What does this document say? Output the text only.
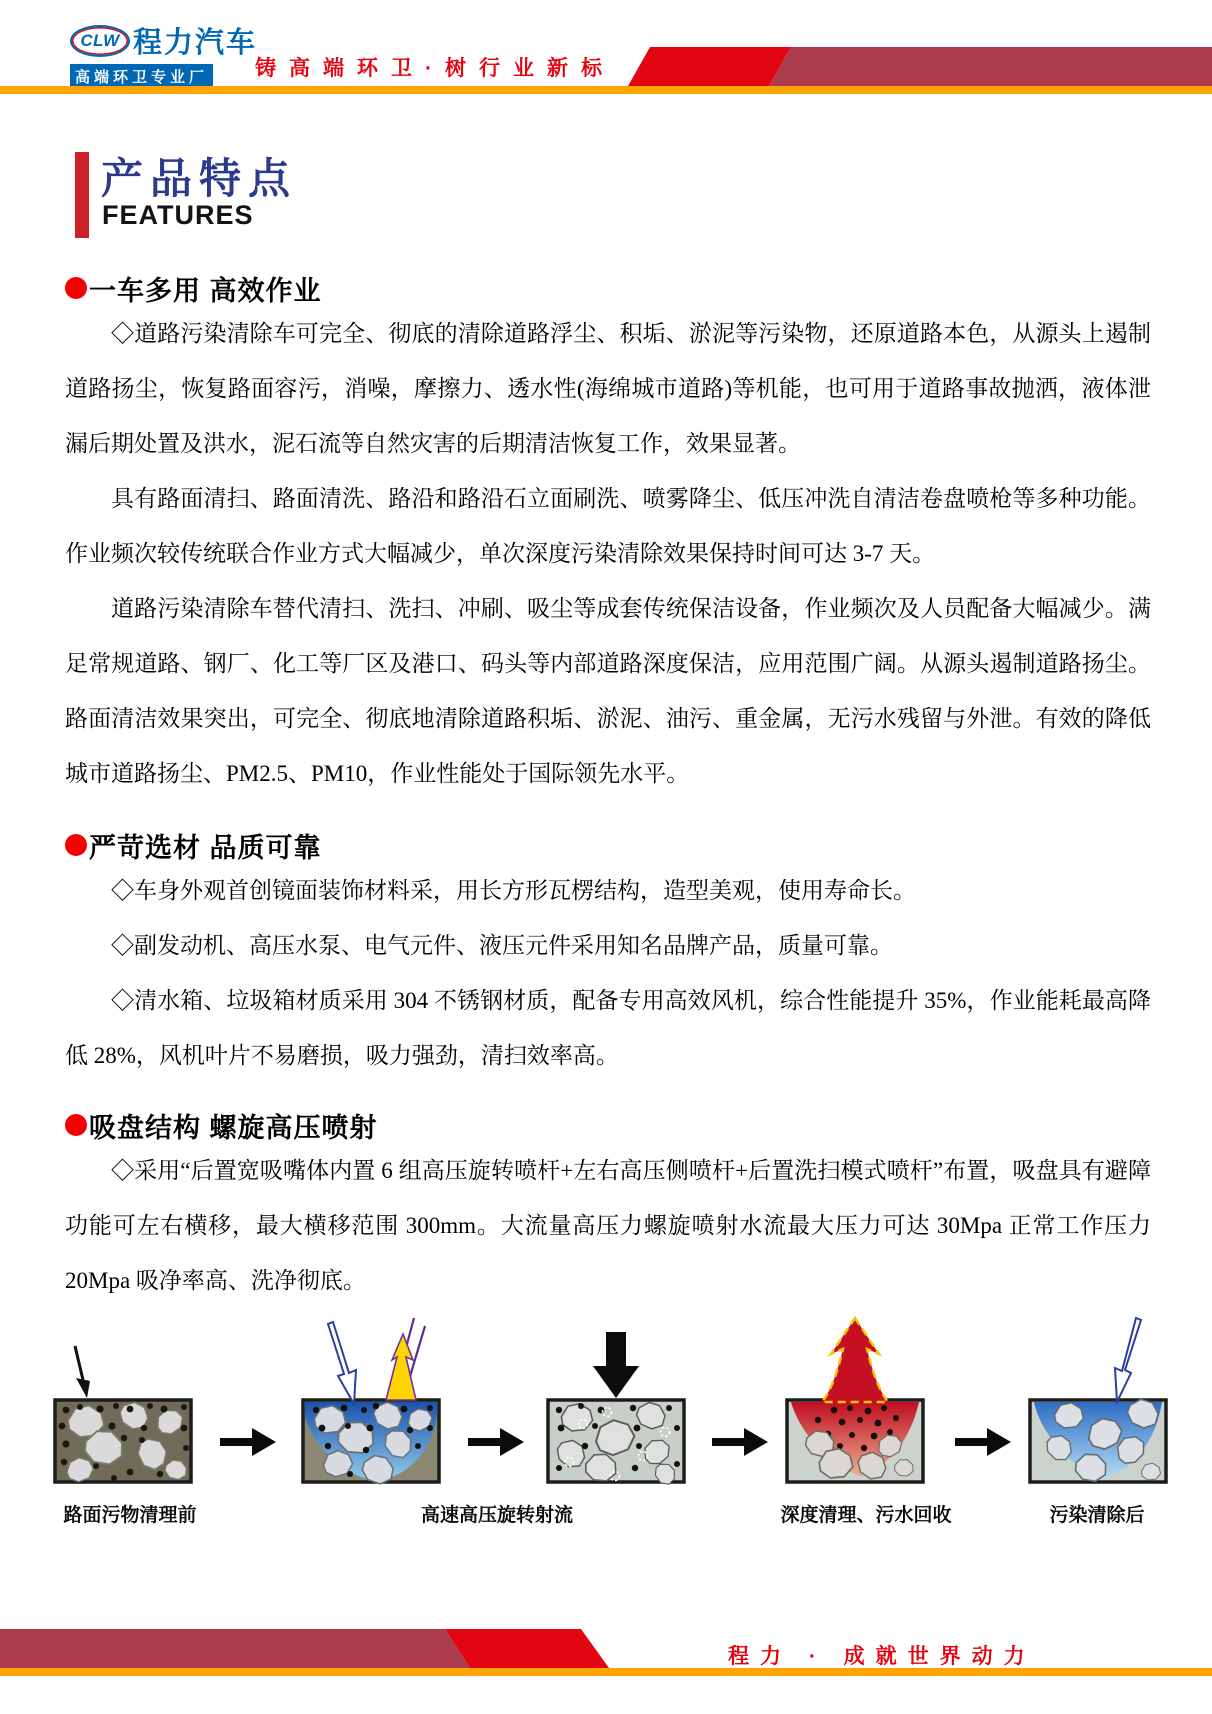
CLW 程力汽车
高端环卫专业厂 铸高端环卫·树行业新标
产品特点
FEATURES
一车多用 高效作业

◇道路污染清除车可完全、彻底的清除道路浮尘、积垢、淤泥等污染物，还原道路本色，从源头上遏制道路扬尘，恢复路面容污，消噪，摩擦力、透水性(海绵城市道路)等机能，也可用于道路事故抛洒，液体泄漏后期处置及洪水，泥石流等自然灾害的后期清洁恢复工作，效果显著。

具有路面清扫、路面清洗、路沿和路沿石立面刷洗、喷雾降尘、低压冲洗自清洁卷盘喷枪等多种功能。作业频次较传统联合作业方式大幅减少，单次深度污染清除效果保持时间可达 3-7 天。

道路污染清除车替代清扫、洗扫、冲刷、吸尘等成套传统保洁设备，作业频次及人员配备大幅减少。满足常规道路、钢厂、化工等厂区及港口、码头等内部道路深度保洁，应用范围广阔。从源头遏制道路扬尘。路面清洁效果突出，可完全、彻底地清除道路积垢、淤泥、油污、重金属，无污水残留与外泄。有效的降低城市道路扬尘、PM2.5、PM10，作业性能处于国际领先水平。

严苛选材 品质可靠

◇车身外观首创镜面装饰材料采，用长方形瓦楞结构，造型美观，使用寿命长。

◇副发动机、高压水泵、电气元件、液压元件采用知名品牌产品，质量可靠。

◇清水箱、垃圾箱材质采用 304 不锈钢材质，配备专用高效风机，综合性能提升 35%，作业能耗最高降低 28%，风机叶片不易磨损，吸力强劲，清扫效率高。

吸盘结构 螺旋高压喷射

◇采用“后置宽吸嘴体内置 6 组高压旋转喷杆+左右高压侧喷杆+后置洗扫模式喷杆”布置，吸盘具有避障功能可左右横移，最大横移范围 300mm。大流量高压力螺旋喷射水流最大压力可达 30Mpa 正常工作压力 20Mpa 吸净率高、洗净彻底。

路面污物清理前	高速高压旋转射流	深度清理、污水回收	污染清除后
程力 · 成就世界动力
